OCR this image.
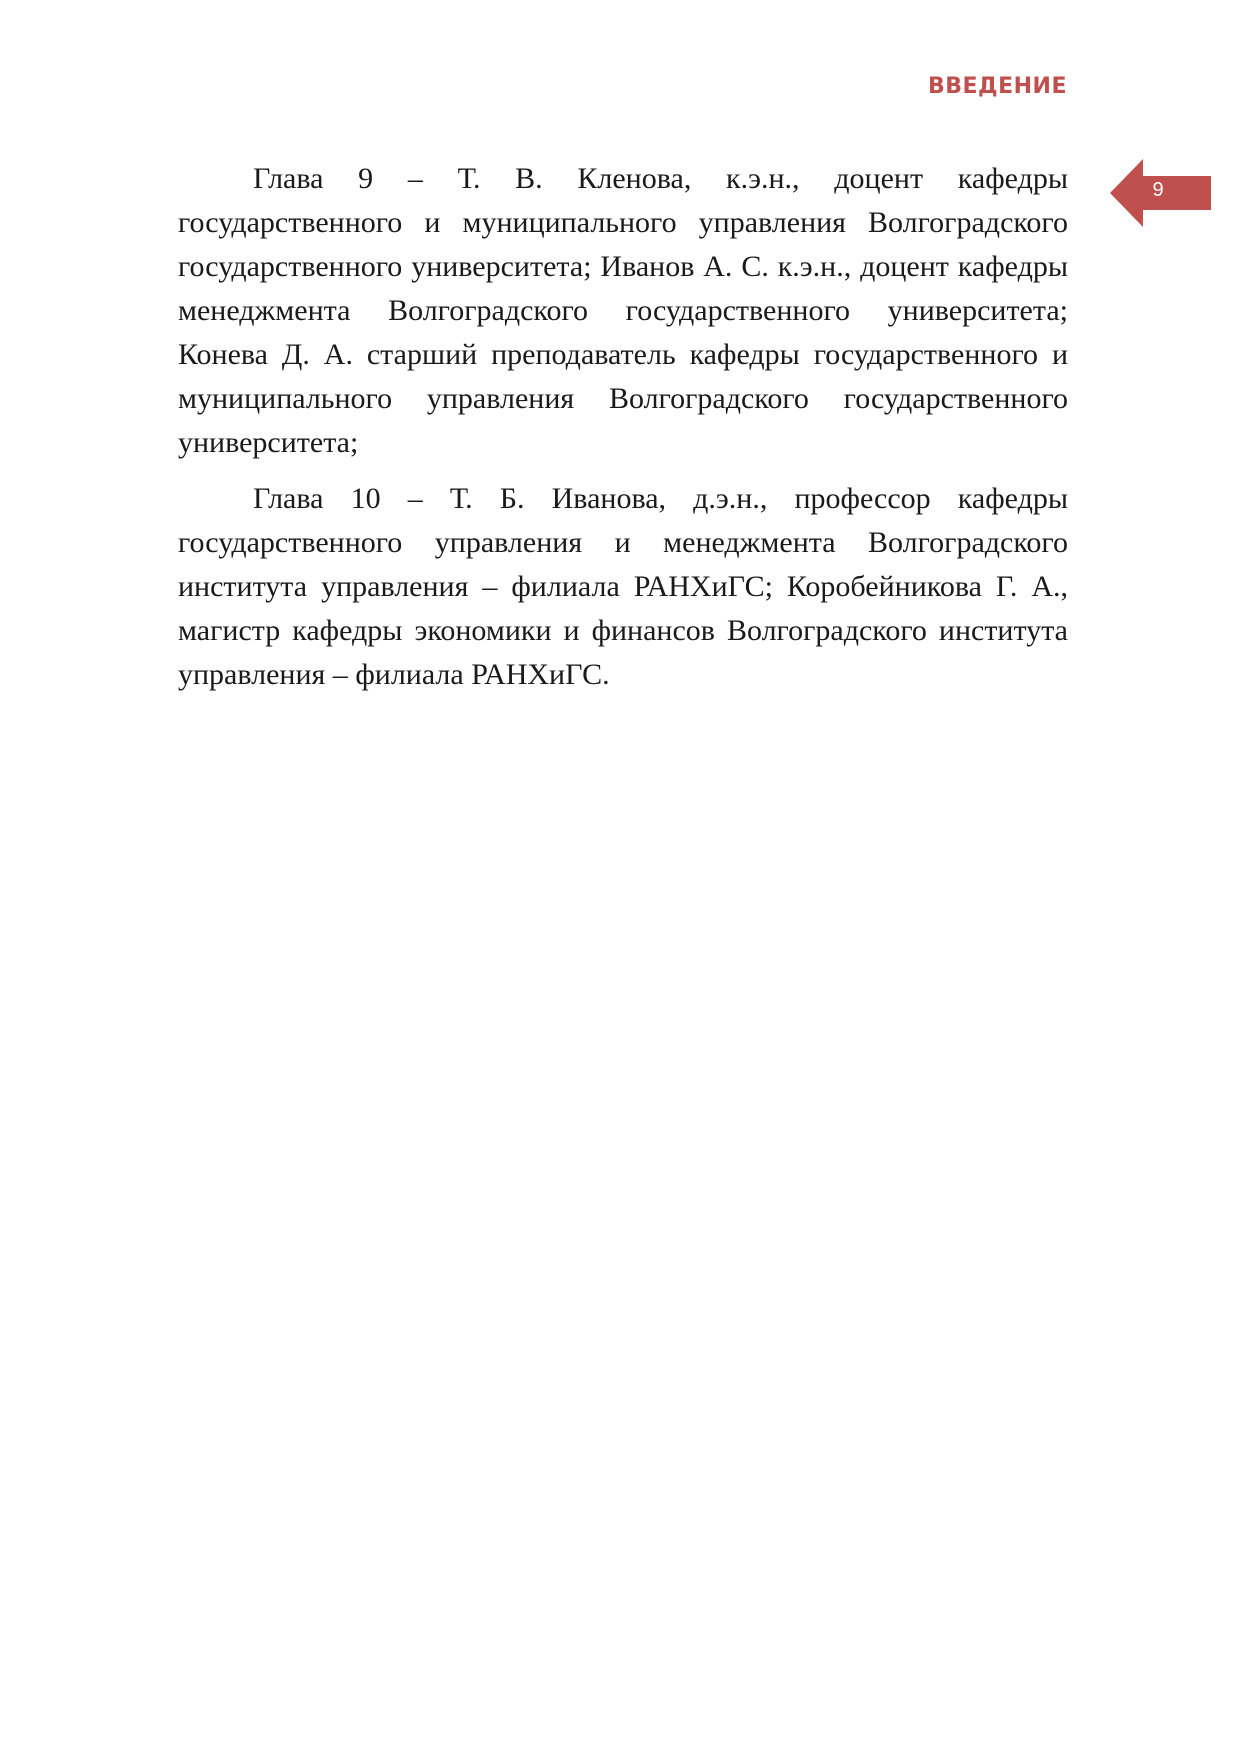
ВВЕДЕНИЕ
9

Глава 9 – Т. В. Кленова, к.э.н., доцент кафедры государственного и муниципального управления Волгоградского государственного университета; Иванов А. С. к.э.н., доцент кафедры менеджмента Волгоградского государственного университета; Конева Д. А. старший преподаватель кафедры государственного и муниципального управления Волгоградского государственного университета;

Глава 10 – Т. Б. Иванова, д.э.н., профессор кафедры государственного управления и менеджмента Волгоградского института управления – филиала РАНХиГС; Коробейникова Г. А., магистр кафедры экономики и финансов Волгоградского института управления – филиала РАНХиГС.
